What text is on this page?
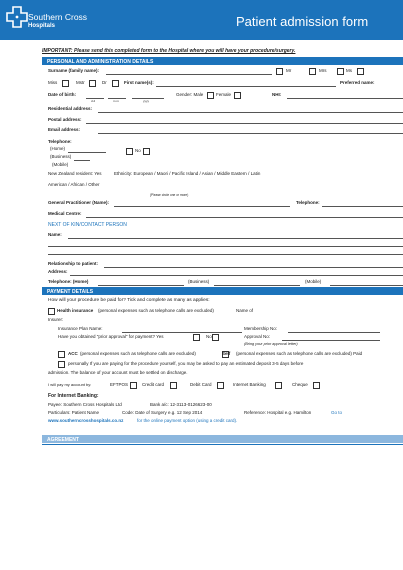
Southern Cross
Hospitals	Patient admission form
IMPORTANT: Please send this completed form to the Hospital where you will have your procedure/surgery.
PERSONAL AND ADMINISTRATION DETAILS
Surname (family name):	Mr	Mrs	Ms
Miss	Mstr	Dr	First name(s):	Preferred name:
Date of birth:
d d	m m	yyyy
Gender: Male	Female	NHI:
Residential address:
Postal address:
Email address:
Telephone:
(Home)
(Business)
(Mobile)
No
New Zealand resident: Yes	Ethnicity: European / Maori / Pacific Island / Asian / Middle Eastern / Latin
American / African / Other
(Please circle one or more)
General Practitioner (Name):	Telephone:
Medical Centre:
NEXT OF KIN/CONTACT PERSON
Name:
Relationship to patient:
Address:
Telephone: (Home)	(Business)	(Mobile)
PAYMENT DETAILS
How will your procedure be paid for? Tick and complete as many as applies:
Health insurance (personal expenses such as telephone calls are excluded)	Name of
Insurer:
Insurance Plan Name:	Membership No:
Have you obtained "prior approval" for payment? Yes	No	Approval No:
(Bring your prior approval letter)
ACC (personal expenses such as telephone calls are excluded)	Self (personal expenses such as telephone calls are excluded) Paid
personally If you are paying for the procedure yourself, you may be asked to pay an estimated deposit 3-5 days before
admission. The balance of your account must be settled on discharge.
I will pay my account by:	EFTPOS	Credit card	Debit Card	Internet Banking	Cheque
For Internet Banking:
Payee: Southern Cross Hospitals Ltd	Bank a/c: 12-3113-0126623-00
Particulars: Patient Name	Code: Date of Surgery e.g. 12 Sep 2014	Reference: Hospital e.g. Hamilton	Go to
www.southerncrosshospitals.co.nz	for the online payment option (using a credit card).
AGREEMENT
